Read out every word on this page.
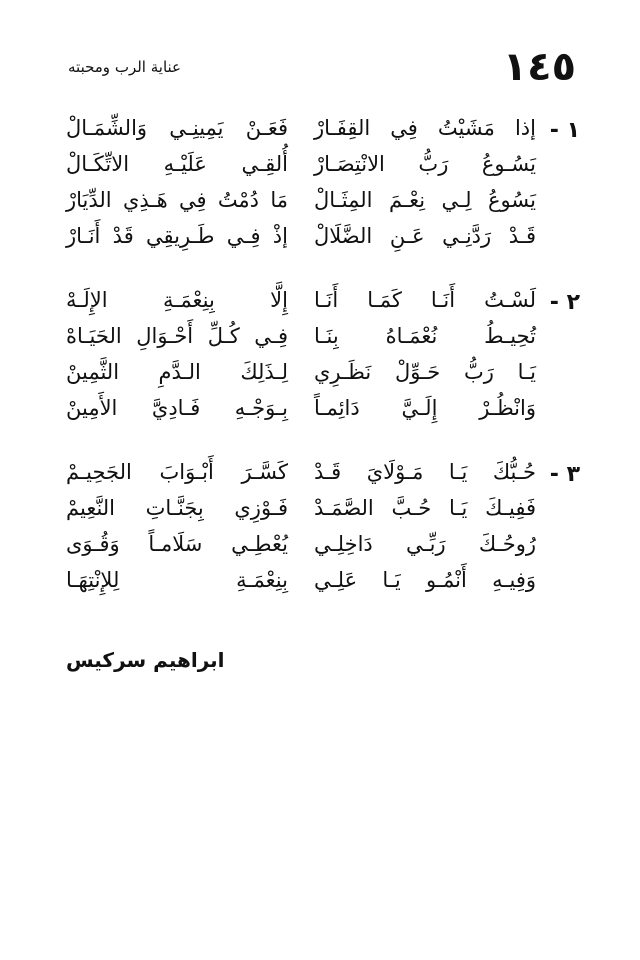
١٤٥
عناية الرب ومحبته
١ -
إذا مَشَيْتُ فِي القِفَـارْ
فَعَـنْ يَمِينِـي وَالشِّمَـالْ
يَسُـوعُ رَبُّ الانْتِصَـارْ
أُلقِـي عَلَيْـهِ الاتِّكَـالْ
يَسُوعُ لِـي نِعْـمَ المِثَـالْ
مَا دُمْتُ فِي هَـذِي الدِّيَارْ
قَـدْ رَدَّنِـي عَـنِ الضَّلَالْ
إذْ فِـي طَـرِيقِي قَدْ أَنَـارْ
٢ -
لَسْـتُ أَنَـا كَمَـا أَنَـا
إِلَّا بِنِعْمَـةِ الإِلَـهْ
تُحِيـطُ نُعْمَـاهُ بِنَـا
فِـي كُـلِّ أَحْـوَالِ الحَيَـاهْ
يَـا رَبُّ حَـوِّلْ نَظَـرِي
لِـذَلِكَ الـدَّمِ الثَّمِينْ
وَانْظُـرْ إِلَـيَّ دَائِمـاً
بِـوَجْـهِ فَـادِيَّ الأَمِينْ
٣ -
حُـبُّكَ يَـا مَـوْلَايَ قَـدْ
كَسَّـرَ أَبْـوَابَ الجَحِيـمْ
فَفِيـكَ يَـا حُـبَّ الصَّمَـدْ
فَـوْزِي بِجَنَّـاتِ النَّعِيمْ
رُوحُـكَ رَبِّـي دَاخِلِـي
يُعْطِـي سَلَامـاً وَقُـوَى
وَفِيـهِ أَنْمُـو يَـا عَلِـي
بِنِعْمَـةِ لِلإِنْتِهَـا
ابراهيم سركيس
